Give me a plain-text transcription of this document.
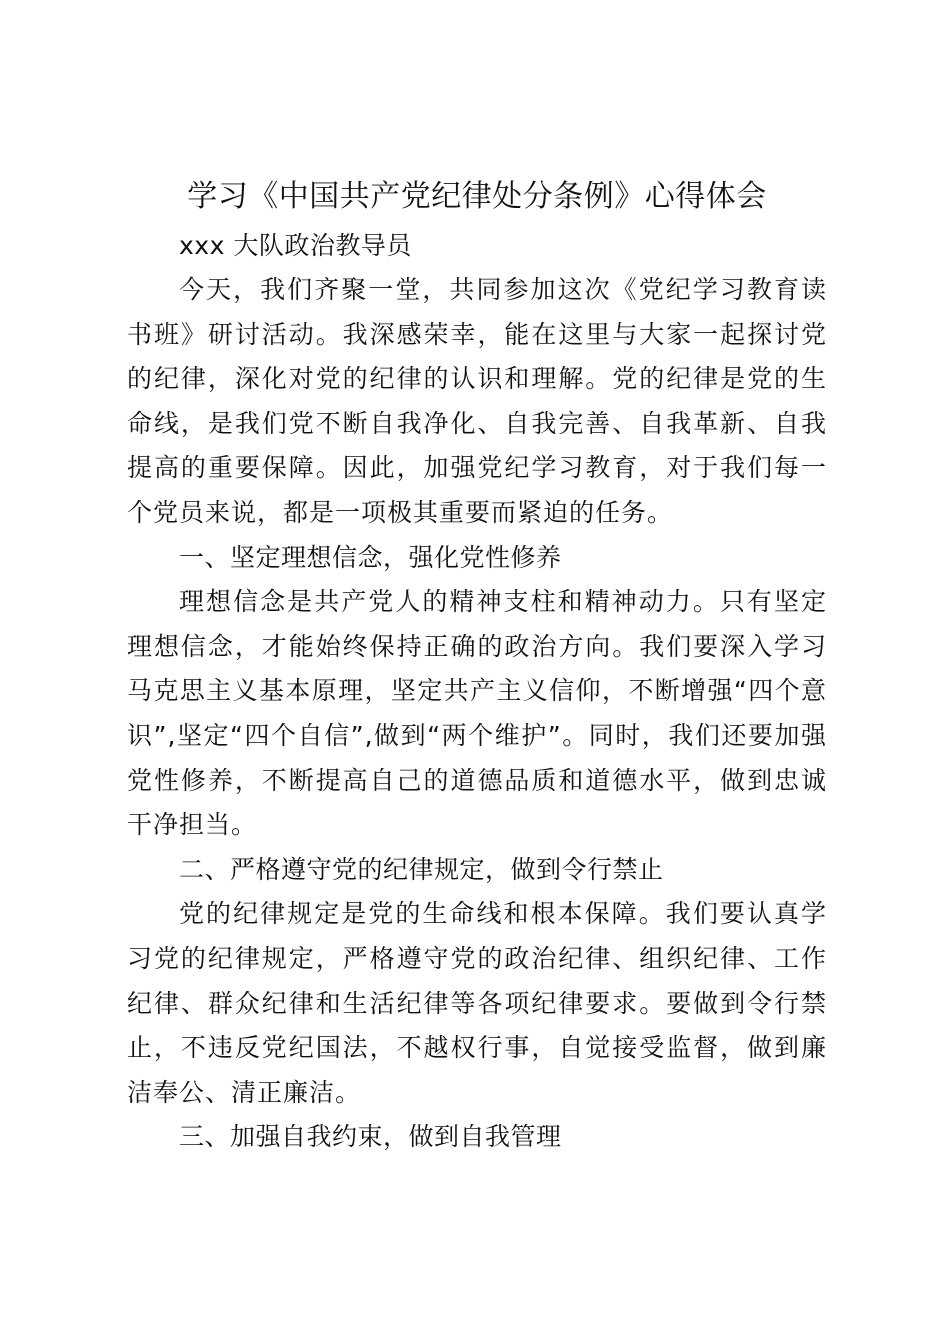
学习《中国共产党纪律处分条例》心得体会

xxx 大队政治教导员

今天，我们齐聚一堂，共同参加这次《党纪学习教育读书班》研讨活动。我深感荣幸，能在这里与大家一起探讨党的纪律，深化对党的纪律的认识和理解。党的纪律是党的生命线，是我们党不断自我净化、自我完善、自我革新、自我提高的重要保障。因此，加强党纪学习教育，对于我们每一个党员来说，都是一项极其重要而紧迫的任务。

一、坚定理想信念，强化党性修养

理想信念是共产党人的精神支柱和精神动力。只有坚定理想信念，才能始终保持正确的政治方向。我们要深入学习马克思主义基本原理，坚定共产主义信仰，不断增强“四个意识”,坚定“四个自信”,做到“两个维护”。同时，我们还要加强党性修养，不断提高自己的道德品质和道德水平，做到忠诚干净担当。

二、严格遵守党的纪律规定，做到令行禁止

党的纪律规定是党的生命线和根本保障。我们要认真学习党的纪律规定，严格遵守党的政治纪律、组织纪律、工作纪律、群众纪律和生活纪律等各项纪律要求。要做到令行禁止，不违反党纪国法，不越权行事，自觉接受监督，做到廉洁奉公、清正廉洁。

三、加强自我约束，做到自我管理
